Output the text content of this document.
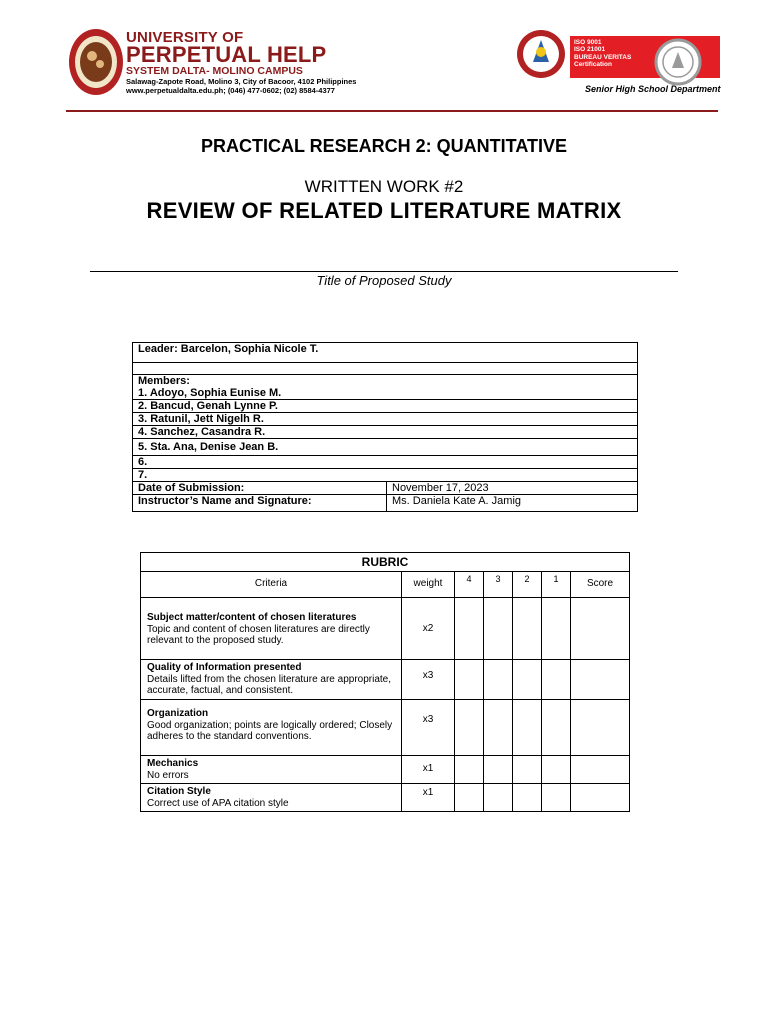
UNIVERSITY OF
PERPETUAL HELP
SYSTEM DALTA- MOLINO CAMPUS
Salawag-Zapote Road, Molino 3, City of Bacoor, 4102 Philippines
www.perpetualdalta.edu.ph; (046) 477-0602; (02) 8584-4377
ISO 9001
ISO 21001
BUREAU VERITAS
Certification
Senior High School Department
PRACTICAL RESEARCH 2: QUANTITATIVE
WRITTEN WORK #2
REVIEW OF RELATED LITERATURE MATRIX
Title of Proposed Study
Leader: Barcelon, Sophia Nicole T.	

Members:
1. Adoyo, Sophia Eunise M.	

2. Bancud, Genah Lynne P.	
3. Ratunil, Jett Nigelh R.	
4. Sanchez, Casandra R.	
5. Sta. Ana, Denise Jean B.	
6.	
7.	
Date of Submission:	November 17, 2023
Instructor’s Name and Signature:	Ms. Daniela Kate A. Jamig
RUBRIC						
Criteria	weight	4	3	2	1	Score

Subject matter/content of chosen literatures
Topic and content of chosen literatures are directly relevant to the proposed study.	x2					

Quality of Information presented
Details lifted from the chosen literature are appropriate, accurate, factual, and consistent.	x3					

Organization
Good organization; points are logically ordered; Closely adheres to the standard conventions.	x3					

Mechanics
No errors	x1					

Citation Style
Correct use of APA citation style	x1					
